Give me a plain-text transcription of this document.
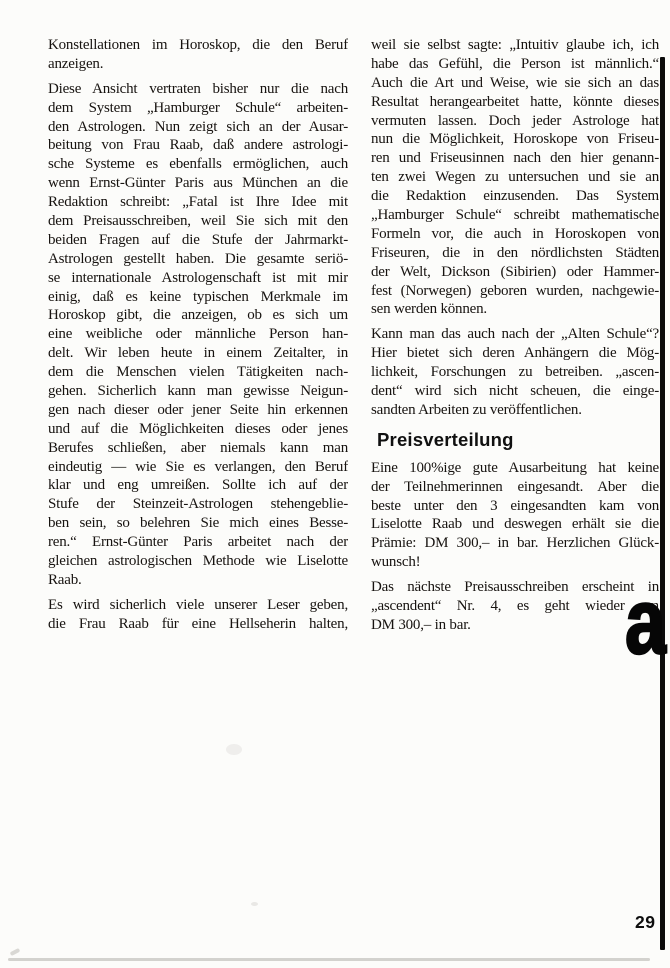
Konstellationen im Horoskop, die den Beruf
anzeigen.
Diese Ansicht vertraten bisher nur die nach
dem System „Hamburger Schule“ arbeiten-
den Astrologen. Nun zeigt sich an der Ausar-
beitung von Frau Raab, daß andere astrologi-
sche Systeme es ebenfalls ermöglichen, auch
wenn Ernst-Günter Paris aus München an die
Redaktion schreibt: „Fatal ist Ihre Idee mit
dem Preisausschreiben, weil Sie sich mit den
beiden Fragen auf die Stufe der Jahrmarkt-
Astrologen gestellt haben. Die gesamte seriö-
se internationale Astrologenschaft ist mit mir
einig, daß es keine typischen Merkmale im
Horoskop gibt, die anzeigen, ob es sich um
eine weibliche oder männliche Person han-
delt. Wir leben heute in einem Zeitalter, in
dem die Menschen vielen Tätigkeiten nach-
gehen. Sicherlich kann man gewisse Neigun-
gen nach dieser oder jener Seite hin erkennen
und auf die Möglichkeiten dieses oder jenes
Berufes schließen, aber niemals kann man
eindeutig — wie Sie es verlangen, den Beruf
klar und eng umreißen. Sollte ich auf der
Stufe der Steinzeit-Astrologen stehengeblie-
ben sein, so belehren Sie mich eines Besse-
ren.“ Ernst-Günter Paris arbeitet nach der
gleichen astrologischen Methode wie Liselotte
Raab.
Es wird sicherlich viele unserer Leser geben,
die Frau Raab für eine Hellseherin halten,
weil sie selbst sagte: „Intuitiv glaube ich, ich
habe das Gefühl, die Person ist männlich.“
Auch die Art und Weise, wie sie sich an das
Resultat herangearbeitet hatte, könnte dieses
vermuten lassen. Doch jeder Astrologe hat
nun die Möglichkeit, Horoskope von Friseu-
ren und Friseusinnen nach den hier genann-
ten zwei Wegen zu untersuchen und sie an
die Redaktion einzusenden. Das System
„Hamburger Schule“ schreibt mathematische
Formeln vor, die auch in Horoskopen von
Friseuren, die in den nördlichsten Städten
der Welt, Dickson (Sibirien) oder Hammer-
fest (Norwegen) geboren wurden, nachgewie-
sen werden können.
Kann man das auch nach der „Alten Schule“?
Hier bietet sich deren Anhängern die Mög-
lichkeit, Forschungen zu betreiben. „ascen-
dent“ wird sich nicht scheuen, die einge-
sandten Arbeiten zu veröffentlichen.
Preisverteilung
Eine 100%ige gute Ausarbeitung hat keine
der Teilnehmerinnen eingesandt. Aber die
beste unter den 3 eingesandten kam von
Liselotte Raab und deswegen erhält sie die
Prämie: DM 300,– in bar. Herzlichen Glück-
wunsch!
Das nächste Preisausschreiben erscheint in
„ascendent“ Nr. 4, es geht wieder um
DM 300,– in bar.	a
29
